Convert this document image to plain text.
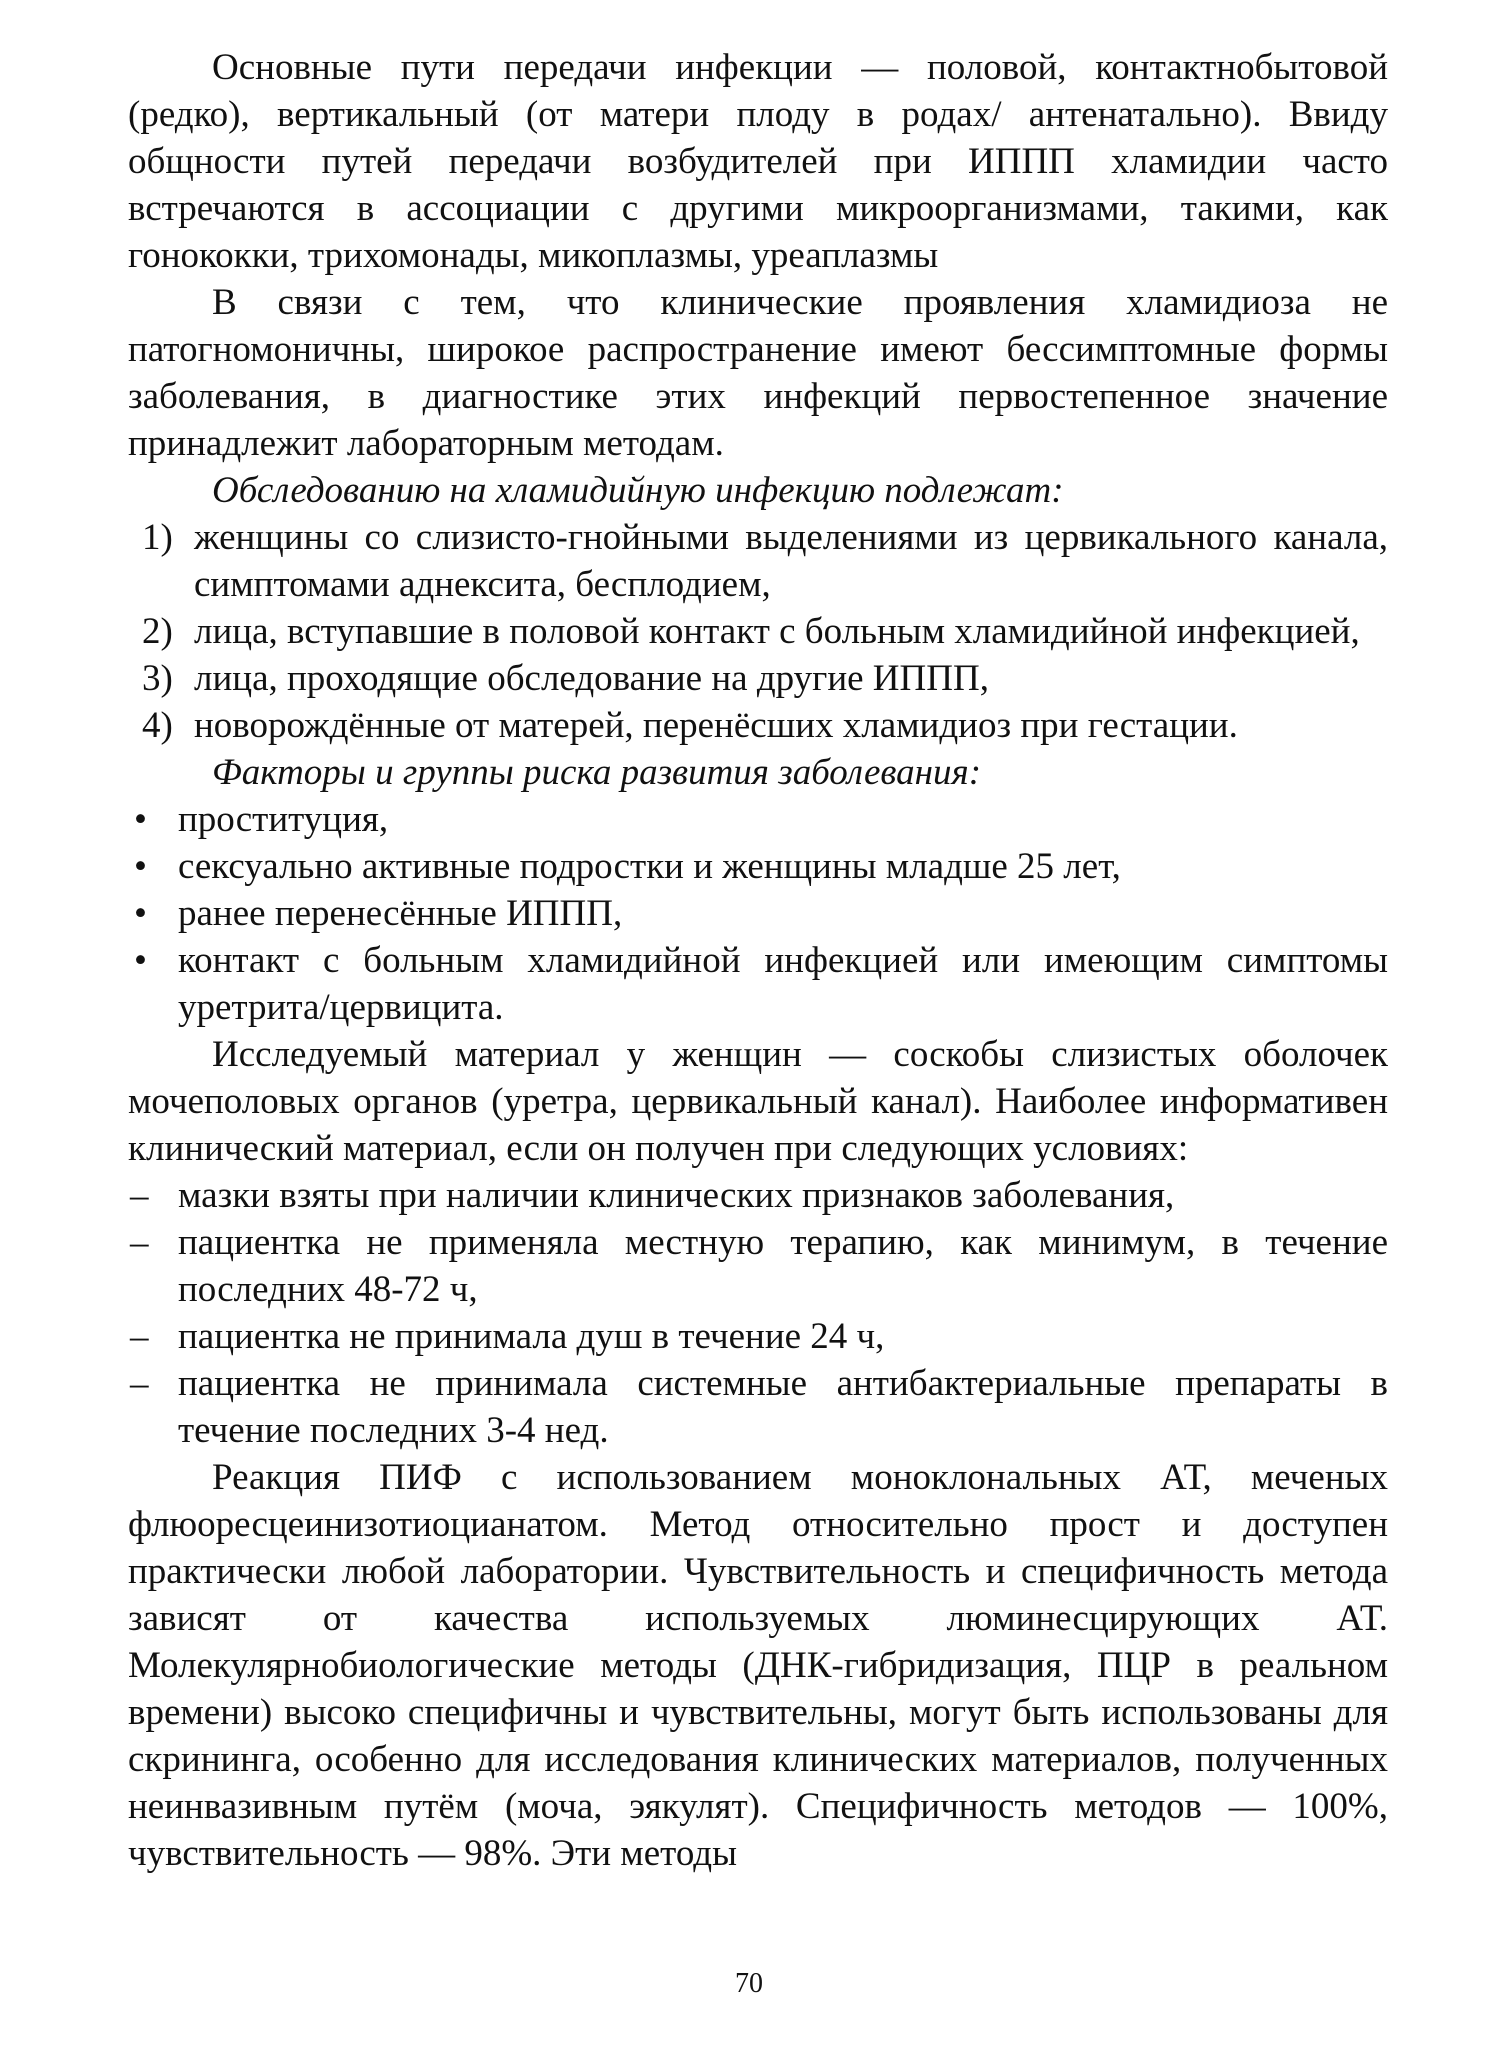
Основные пути передачи инфекции — половой, контактнобытовой (редко), вертикальный (от матери плоду в родах/ антенатально). Ввиду общности путей передачи возбудителей при ИППП хламидии часто встречаются в ассоциации с другими микроорганизмами, такими, как гонококки, трихомонады, микоплазмы, уреаплазмы

В связи с тем, что клинические проявления хламидиоза не патогномоничны, широкое распространение имеют бессимптомные формы заболевания, в диагностике этих инфекций первостепенное значение принадлежит лабораторным методам.

Обследованию на хламидийную инфекцию подлежат:

1) женщины со слизисто-гнойными выделениями из цервикального канала, симптомами аднексита, бесплодием,
2) лица, вступавшие в половой контакт с больным хламидийной инфекцией,
3) лица, проходящие обследование на другие ИППП,
4) новорождённые от матерей, перенёсших хламидиоз при гестации.

Факторы и группы риска развития заболевания:

• проституция,
• сексуально активные подростки и женщины младше 25 лет,
• ранее перенесённые ИППП,
• контакт с больным хламидийной инфекцией или имеющим симптомы уретрита/цервицита.

Исследуемый материал у женщин — соскобы слизистых оболочек мочеполовых органов (уретра, цервикальный канал). Наиболее информативен клинический материал, если он получен при следующих условиях:

– мазки взяты при наличии клинических признаков заболевания,
– пациентка не применяла местную терапию, как минимум, в течение последних 48-72 ч,
– пациентка не принимала душ в течение 24 ч,
– пациентка не принимала системные антибактериальные препараты в течение последних 3-4 нед.

Реакция ПИФ с использованием моноклональных АТ, меченых флюоресцеинизотиоцианатом. Метод относительно прост и доступен практически любой лаборатории. Чувствительность и специфичность метода зависят от качества используемых люминесцирующих АТ. Молекулярнобиологические методы (ДНК-гибридизация, ПЦР в реальном времени) высоко специфичны и чувствительны, могут быть использованы для скрининга, особенно для исследования клинических материалов, полученных неинвазивным путём (моча, эякулят). Специфичность методов — 100%, чувствительность — 98%. Эти методы

70
